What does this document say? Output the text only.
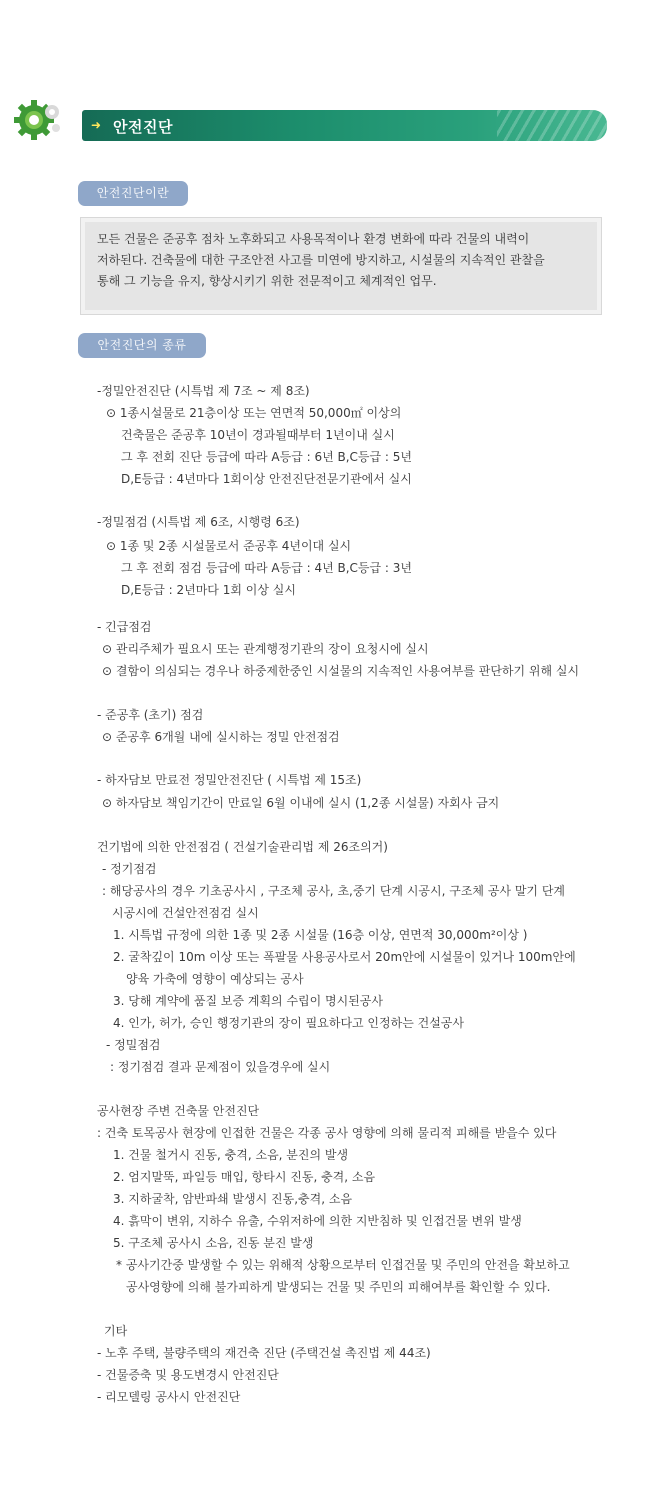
➜ 안전진단
안전진단이란
모든 건물은 준공후 점차 노후화되고 사용목적이나 환경 변화에 따라 건물의 내력이
저하된다. 건축물에 대한 구조안전 사고를 미연에 방지하고, 시설물의 지속적인 관찰을
통해 그 기능을 유지, 향상시키기 위한 전문적이고 체계적인 업무.
안전진단의 종류
-정밀안전진단 (시특법 제 7조 ~ 제 8조)
⊙ 1종시설물로 21층이상 또는 연면적 50,000㎡ 이상의
건축물은 준공후 10년이 경과될때부터 1년이내 실시
그 후 전회 진단 등급에 따라 A등급 : 6년 B,C등급 : 5년
D,E등급 : 4년마다 1회이상 안전진단전문기관에서 실시
-정밀점검 (시특법 제 6조, 시행령 6조)
⊙ 1종 및 2종 시설물로서 준공후 4년이대 실시
그 후 전회 점검 등급에 따라 A등급 : 4년 B,C등급 : 3년
D,E등급 : 2년마다 1회 이상 실시
- 긴급점검
⊙ 관리주체가 필요시 또는 관계행정기관의 장이 요청시에 실시
⊙ 결함이 의심되는 경우나 하중제한중인 시설물의 지속적인 사용여부를 판단하기 위해 실시
- 준공후 (초기) 점검
⊙ 준공후 6개월 내에 실시하는 정밀 안전점검
- 하자담보 만료전 정밀안전진단 ( 시특법 제 15조)
⊙ 하자담보 책임기간이 만료일 6월 이내에 실시 (1,2종 시설물) 자회사 금지
건기법에 의한 안전점검 ( 건설기술관리법 제 26조의거)
- 정기점검
: 해당공사의 경우 기초공사시 , 구조체 공사, 초,중기 단계 시공시, 구조체 공사 말기 단계
시공시에 건설안전점검 실시
1. 시특법 규정에 의한 1종 및 2종 시설물 (16층 이상, 연면적 30,000m²이상 )
2. 굴착깊이 10m 이상 또는 폭팔물 사용공사로서 20m안에 시설물이 있거나 100m안에
양육 가축에 영향이 예상되는 공사
3. 당해 계약에 품질 보증 계획의 수립이 명시된공사
4. 인가, 허가, 승인 행정기관의 장이 필요하다고 인정하는 건설공사
- 정밀점검
: 정기점검 결과 문제점이 있을경우에 실시
공사현장 주변 건축물 안전진단
: 건축 토목공사 현장에 인접한 건물은 각종 공사 영향에 의해 물리적 피해를 받을수 있다
1. 건물 철거시 진동, 충격, 소음, 분진의 발생
2. 엄지말뚝, 파일등 매입, 항타시 진동, 충격, 소음
3. 지하굴착, 암반파쇄 발생시 진동,충격, 소음
4. 흙막이 변위, 지하수 유출, 수위저하에 의한 지반침하 및 인접건물 변위 발생
5. 구조체 공사시 소음, 진동 분진 발생
* 공사기간중 발생할 수 있는 위해적 상황으로부터 인접건물 및 주민의 안전을 확보하고
공사영향에 의해 불가피하게 발생되는 건물 및 주민의 피해여부를 확인할 수 있다.
기타
- 노후 주택, 불량주택의 재건축 진단 (주택건설 촉진법 제 44조)
- 건물증축 및 용도변경시 안전진단
- 리모델링 공사시 안전진단
